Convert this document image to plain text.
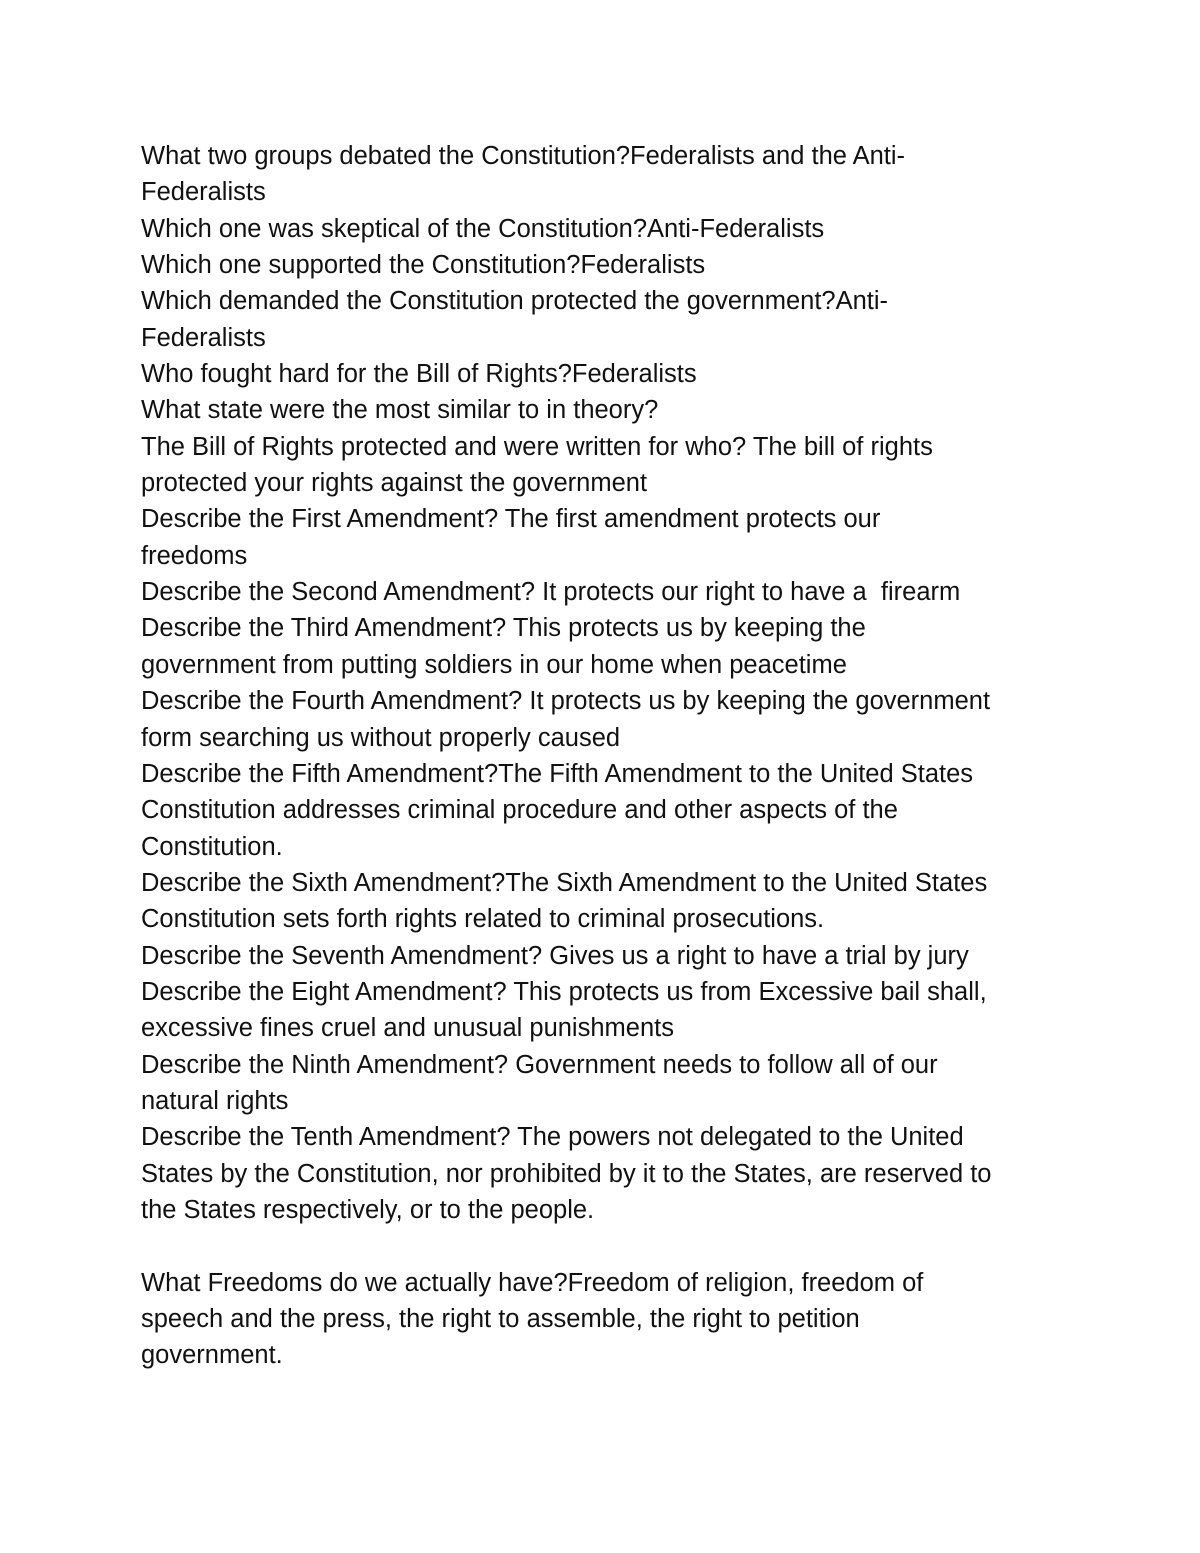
What two groups debated the Constitution?Federalists and the Anti-
Federalists
Which one was skeptical of the Constitution?Anti-Federalists
Which one supported the Constitution?Federalists
Which demanded the Constitution protected the government?Anti-
Federalists
Who fought hard for the Bill of Rights?Federalists
What state were the most similar to in theory?
The Bill of Rights protected and were written for who? The bill of rights
protected your rights against the government
Describe the First Amendment? The first amendment protects our
freedoms
Describe the Second Amendment? It protects our right to have a  firearm
Describe the Third Amendment? This protects us by keeping the
government from putting soldiers in our home when peacetime
Describe the Fourth Amendment? It protects us by keeping the government
form searching us without properly caused
Describe the Fifth Amendment?The Fifth Amendment to the United States
Constitution addresses criminal procedure and other aspects of the
Constitution.
Describe the Sixth Amendment?The Sixth Amendment to the United States
Constitution sets forth rights related to criminal prosecutions.
Describe the Seventh Amendment? Gives us a right to have a trial by jury
Describe the Eight Amendment? This protects us from Excessive bail shall,
excessive fines cruel and unusual punishments
Describe the Ninth Amendment? Government needs to follow all of our
natural rights
Describe the Tenth Amendment? The powers not delegated to the United
States by the Constitution, nor prohibited by it to the States, are reserved to
the States respectively, or to the people.
What Freedoms do we actually have?Freedom of religion, freedom of
speech and the press, the right to assemble, the right to petition
government.
